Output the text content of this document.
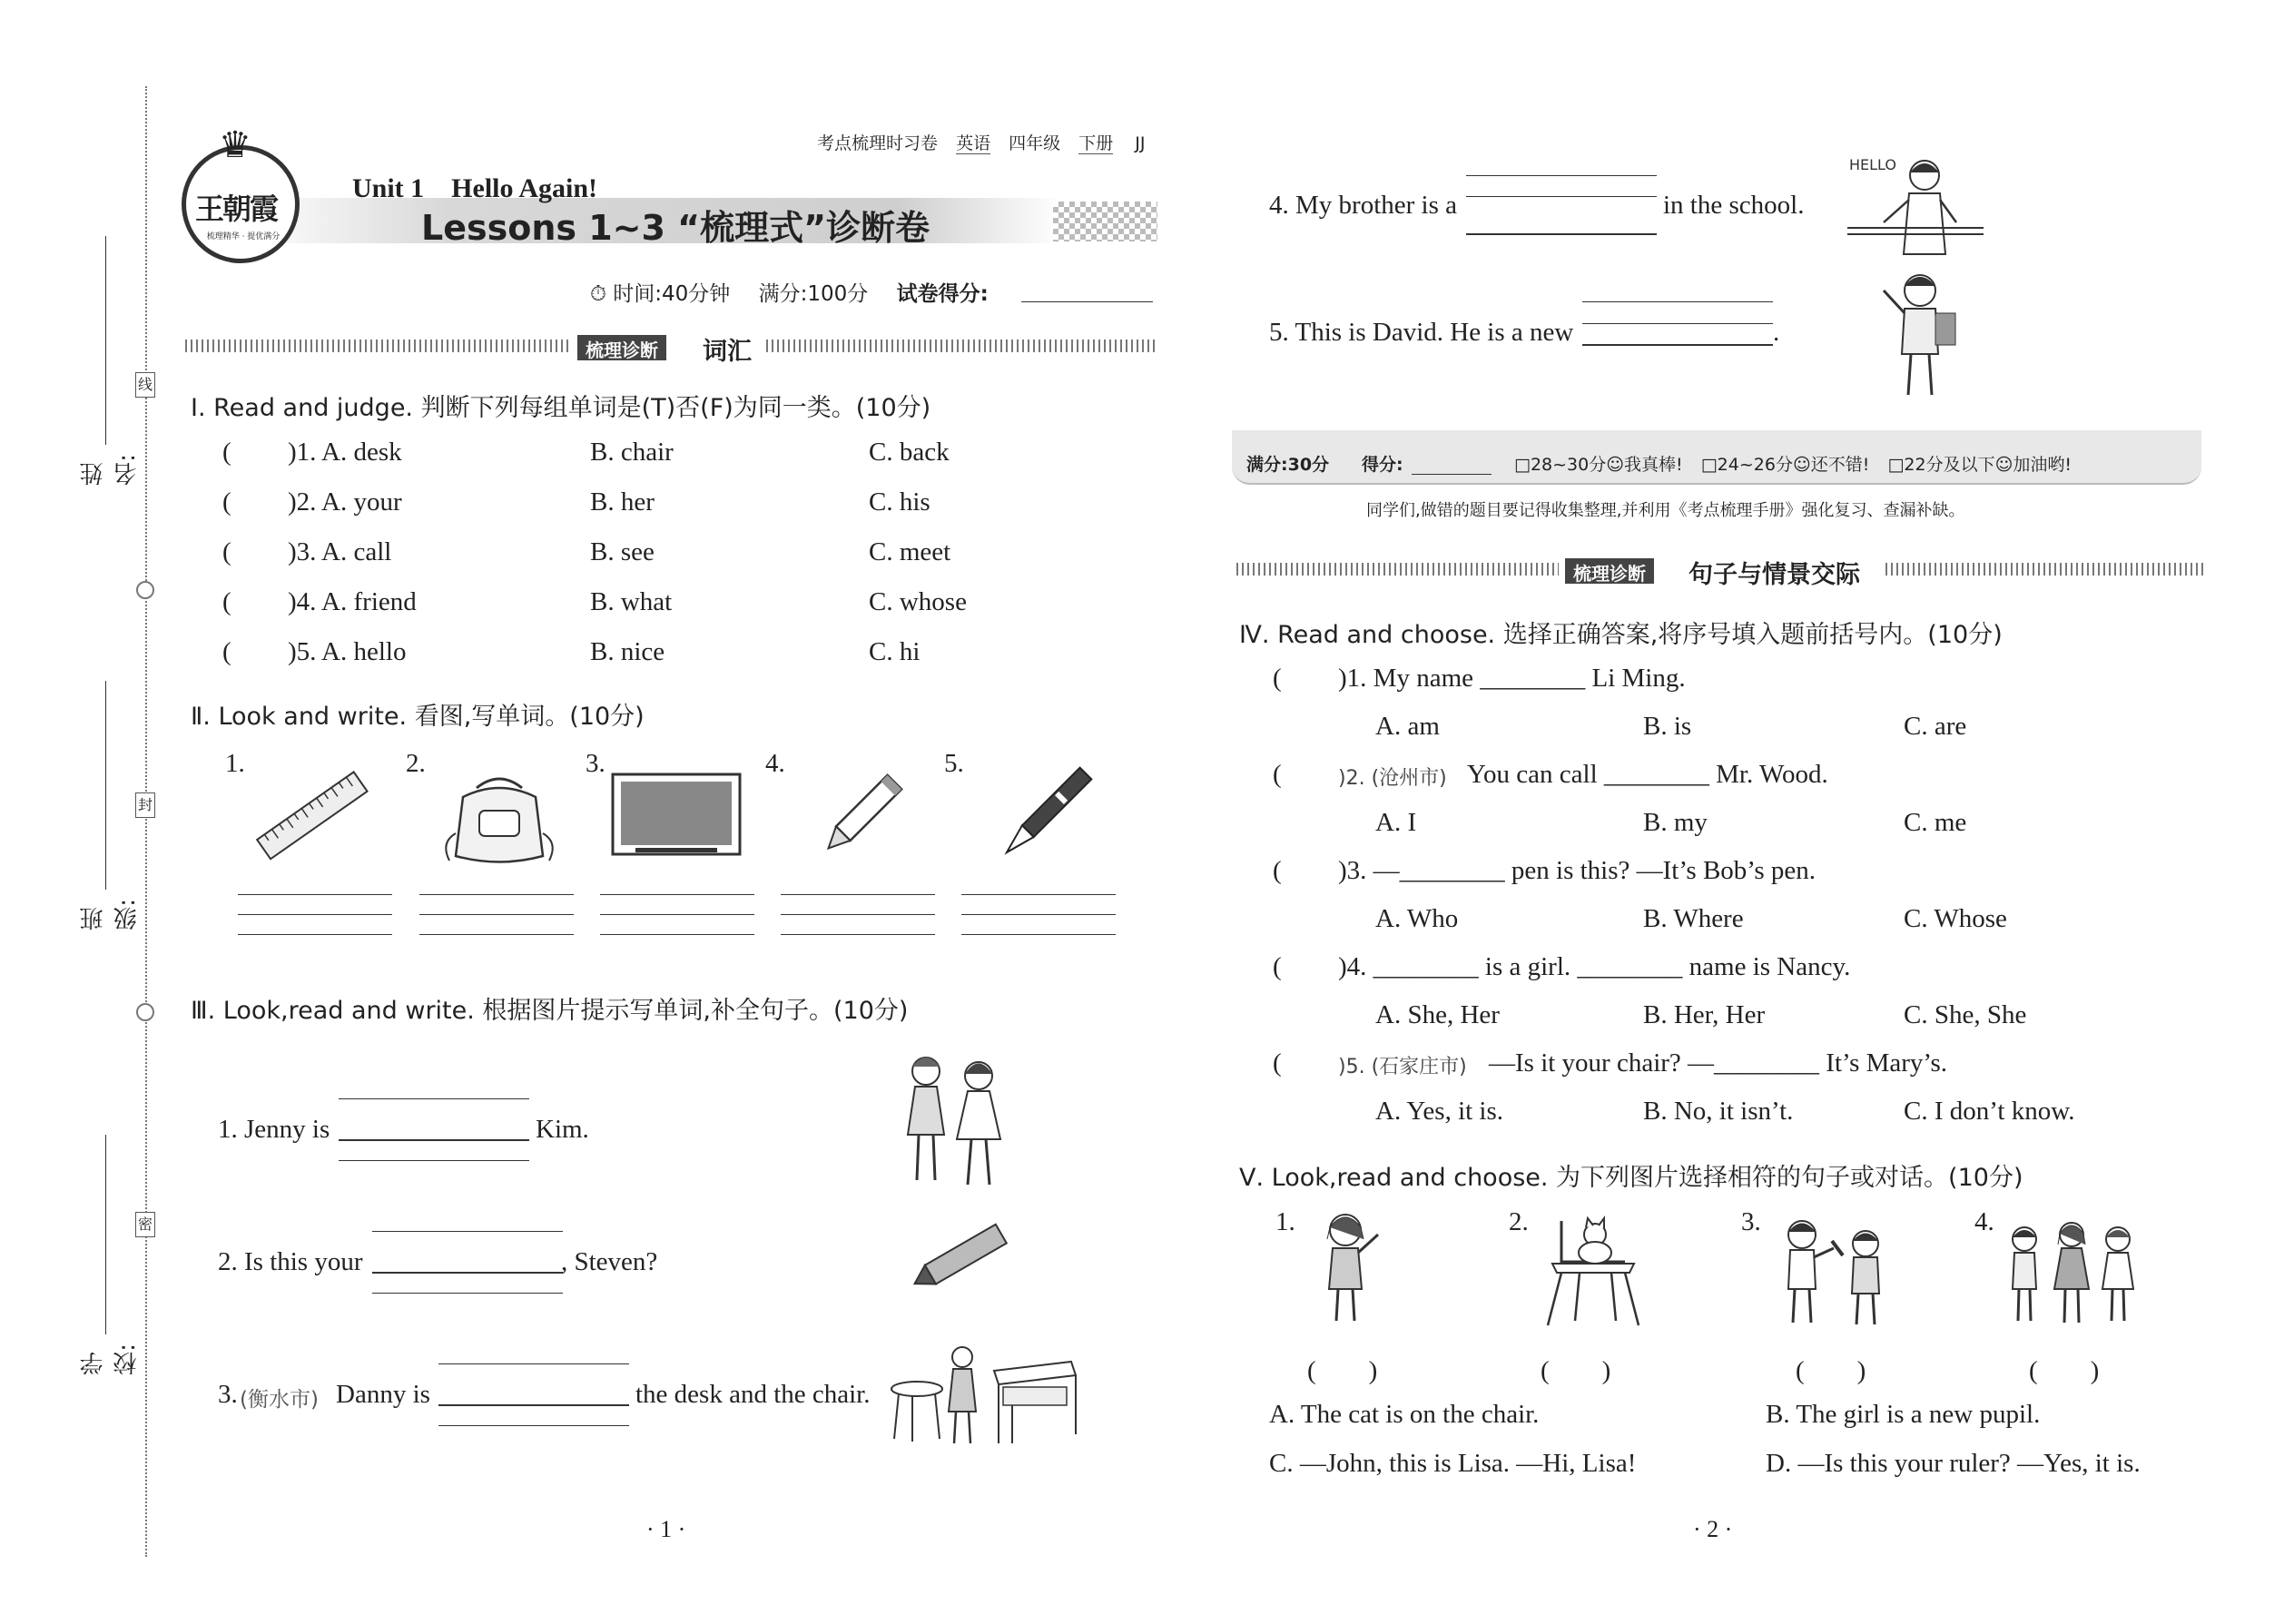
姓名:
班级:
学校:
线
封
密
考点梳理时习卷 英语 四年级 下册 JJ
♛
王朝霞
梳理精华 · 提优满分
Unit 1　Hello Again!
Lessons 1~3 “梳理式”诊断卷
⏱ 时间:40分钟 满分:100分 试卷得分:
梳理诊断	词汇
Ⅰ. Read and judge. 判断下列每组单词是(T)否(F)为同一类。(10分)
( )1. A. desk	B. chair	C. back
( )2. A. your	B. her	C. his
( )3. A. call	B. see	C. meet
( )4. A. friend	B. what	C. whose
( )5. A. hello	B. nice	C. hi
Ⅱ. Look and write. 看图,写单词。(10分)
1.	2.	3.	4.	5.
Ⅲ. Look,read and write. 根据图片提示写单词,补全句子。(10分)
1. Jenny is	Kim.
2. Is this your	, Steven?
3. (衡水市) Danny is	the desk and the chair.
· 1 ·
4. My brother is a	in the school.
HELLO
5. This is David. He is a new	.
满分:30分 得分:	□28~30分☺我真棒! □24~26分☺还不错! □22分及以下☺加油哟!
同学们,做错的题目要记得收集整理,并利用《考点梳理手册》强化复习、查漏补缺。
梳理诊断	句子与情景交际
Ⅳ. Read and choose. 选择正确答案,将序号填入题前括号内。(10分)
( )1. My name ________ Li Ming.
A. am	B. is	C. are
(	)2. (沧州市) You can call ________ Mr. Wood.
A. I	B. my	C. me
( )3. —________ pen is this? —It’s Bob’s pen.
A. Who	B. Where	C. Whose
( )4. ________ is a girl. ________ name is Nancy.
A. She, Her	B. Her, Her	C. She, She
(	)5. (石家庄市) —Is it your chair? —________ It’s Mary’s.
A. Yes, it is.	B. No, it isn’t.	C. I don’t know.
Ⅴ. Look,read and choose. 为下列图片选择相符的句子或对话。(10分)
1.	2.	3.	4.
(　　)	(　　)	(　　)	(　　)
A. The cat is on the chair.	B. The girl is a new pupil.
C. —John, this is Lisa. —Hi, Lisa!	D. —Is this your ruler? —Yes, it is.
· 2 ·
